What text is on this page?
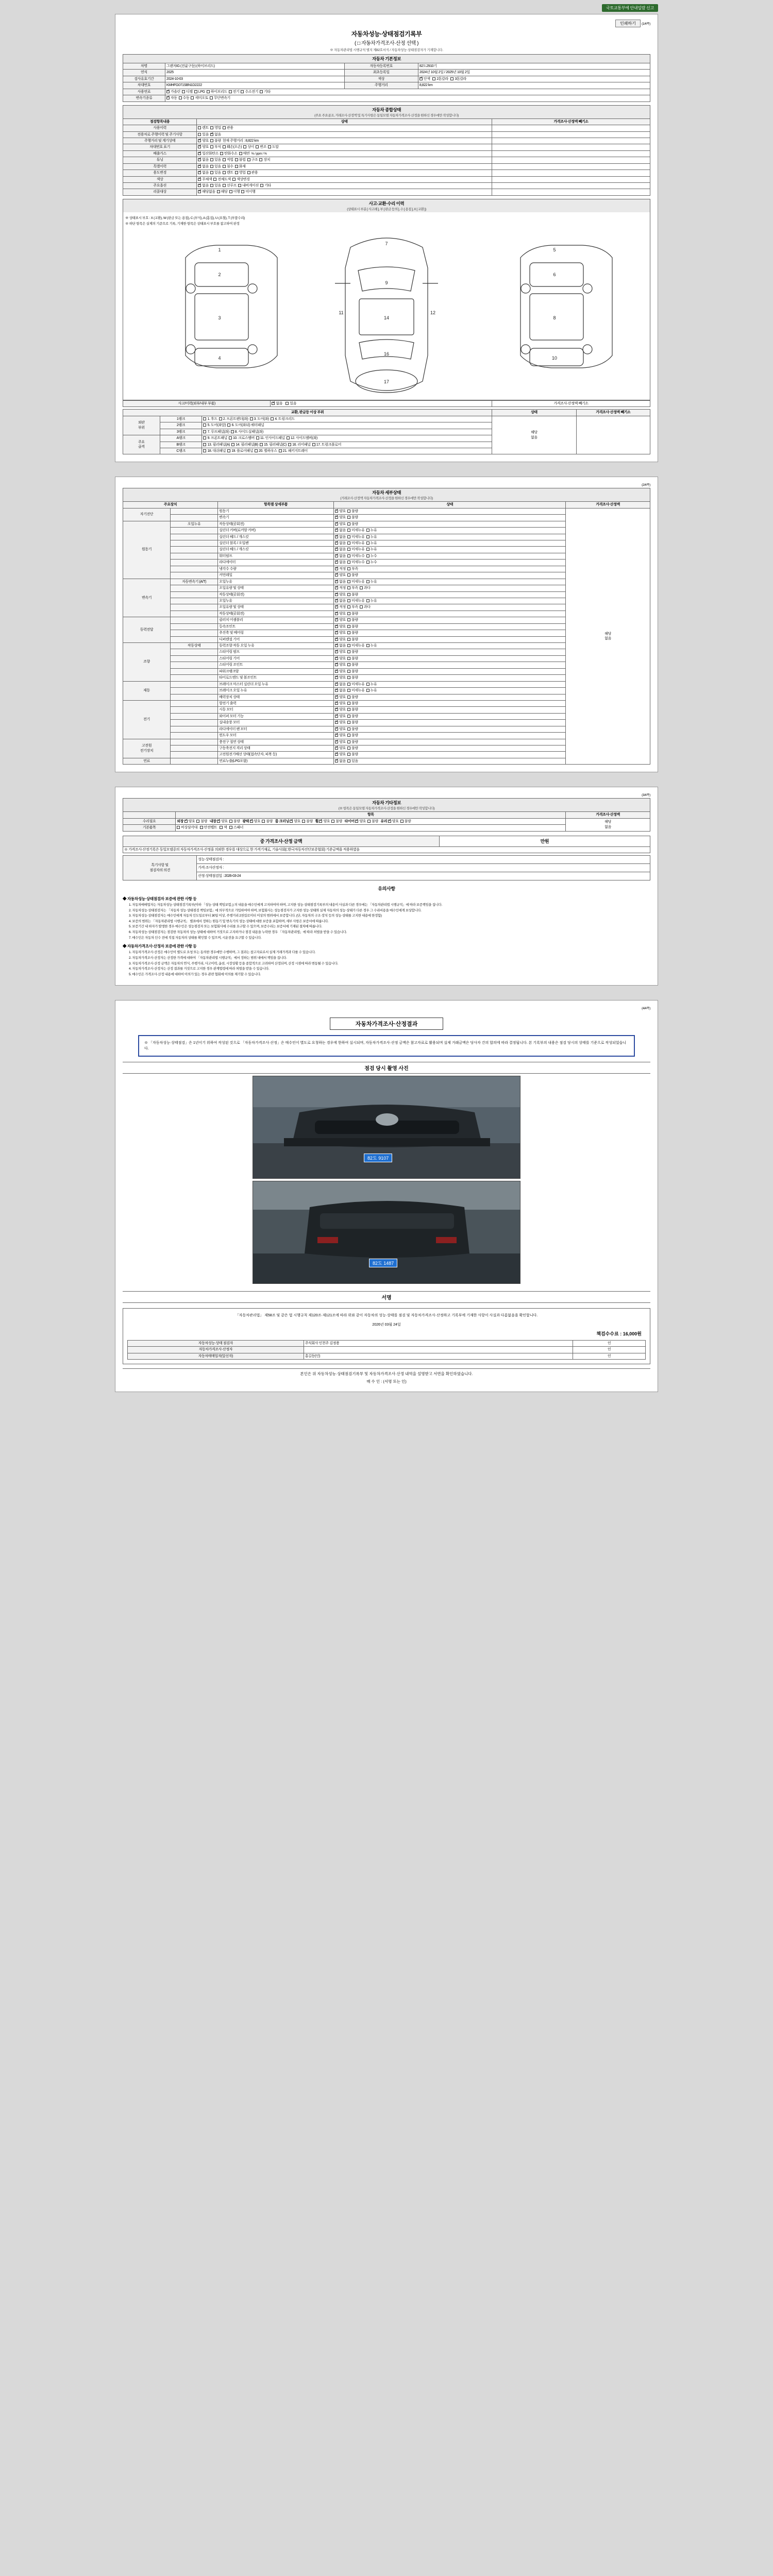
국토교통부에 안내일람 신고
인쇄하기 (1/4쪽)
자동차성능·상태점검기록부
( □ 자동차가격조사·산정 선택 )
※ 자동차관리법 시행규칙 별지 제82호서식 / 자동차성능·상태점검자가 기재합니다.
자동차 기본정보
차명	그랜저IG (전륜구동) (하이브리드)	자동차등록번호	82도2910기
연식	2025	최초등록일	2024년 10월 2일 / 2025년 10월 2일
검사유효기간	2024-10-03	색상	✓단색 2톤칼라 3톤칼라
차대번호	KMHFG071SBN1D2222	주행거리	8,822 km
사용연료	✓가솔린 디젤 LPG 하이브리드 전기 수소전기 기타
변속기종류	✓자동 수동 세미오토 무단변속기
자동차 종합상태
(주요 주요골조, 거래조사·산정액 및 특기사항은 동일모델 자동차가격조사·산정을 원하신 경우에만 작성합니다)
점검항목내용	상태	가격조사·산정액 빼기소
사용이력	렌트 영업 관용	
전용차로 주행이력 및 주기사항	있음 ✓ 없음	
주행거리 및 계기상태	✓양호 불량 현재 주행거리 : 8,822 km	
차대번호 표기	✓양호 부식 훼손(오손) 상이 변조 도말	
배출가스	✓일산화탄소 탄화수소 매연 % / ppm / %	
튜닝	✓없음 있음 적법 불법 구조 장치	
특별이력	✓없음 있음 침수 화재	
용도변경	✓없음 있음 렌트 영업 관용	
색상	✓무채색 전체도색 색상변경	
주요옵션	✓없음 있음 선루프 내비게이션 기타	
리콜대상	✓해당없음 해당 이행 미이행	
사고·교환·수리 이력
(상태표시 부분 [ 사고례 ], 부 [ 판금 등의 ], 수 [ 용접 ], X [ 교환 ])
※ 상태표시 부호 : X (교환), W (판금 또는 용접), C (부식), A (흠집), U (요철), T (부품수리)
※ 하단 항목은 실제의 기준으로 기록, 기재한 항목은 상태표시 부호를 참고하여 판정
1
2
3
4
7
9
14
16
11	12
5
6
8
10
17
사고/이력(외부/내부 부품)	✓없음 있음	가격조사·산정액 빼기소
교환, 판금등 이상 부위			상태	가격조사·산정액 빼기소
외판
부위	1랭크	1. 후드 2. 프론트펜더(좌) 3. 도어(좌) 4. 트렁크리드	해당
없음	
	2랭크	5. 도어(좌앞) 6. 도어(좌뒤) 쿼터패널		
	3랭크	7. 루프패널(좌) 8. 사이드실패널(좌)		
주요
골격	A랭크	9. 프론트패널 10. 크로스멤버 11. 인사이드패널 12. 사이드멤버(좌)		
	B랭크	13. 필러패널(A) 14. 필러패널(B) 15. 필러패널(C) 16. 리어패널 17. 트렁크플로어		
	C랭크	18. 대쉬패널 19. 플로어패널 20. 휠하우스 21. 패키지트레이		
(2/4쪽)
자동차 세부상태
(거래조사·산정액 자동차가격조사·산정을 원하신 경우에만 작성합니다)
주요장치		항목별 상세부품	상태	가격조사·산정액
자기진단		원동기	✓양호 불량	해당
없음
		변속기	✓양호 불량
원동기	오일누유	작동상태(공회전)	✓양호 불량
		실린더 커버(로커암 커버)	✓없음 미세누유 누유
		실린더 헤드 / 개스킷	✓없음 미세누유 누유
		실린더 블록 / 오일팬	✓없음 미세누유 누유
		실린더 헤드 / 개스킷	✓없음 미세누유 누유
		워터펌프	✓없음 미세누수 누수
		라디에이터	✓없음 미세누수 누수
		냉각수 수량	✓적정 부족
		커먼레일	✓양호 불량
변속기	자동변속기 (A/T)	오일누유	✓없음 미세누유 누유
		오일유량 및 상태	✓적정 부족 과다
		작동상태(공회전)	✓양호 불량
		오일누유	✓없음 미세누유 누유
		오일유량 및 상태	✓적정 부족 과다
		작동상태(공회전)	✓양호 불량
동력전달		클러치 어셈블리	✓양호 불량
		등속조인트	✓양호 불량
		추진축 및 베어링	✓양호 불량
		디퍼렌셜 기어	✓양호 불량
조향	작동상태	동력조향 작동 오일 누유	✓없음 미세누유 누유
		스티어링 펌프	✓양호 불량
		스티어링 기어	✓양호 불량
		스티어링 조인트	✓양호 불량
		파워크랭크암	✓양호 불량
		타이로드엔드 및 볼조인트	✓양호 불량
제동		브레이크 마스터 실린더 오일 누유	✓없음 미세누유 누유
		브레이크 오일 누유	✓없음 미세누유 누유
		배력장치 상태	✓양호 불량
전기		발전기 출력	✓양호 불량
		시동 모터	✓양호 불량
		와이퍼 모터 기능	✓양호 불량
		실내송풍 모터	✓양호 불량
		라디에이터 팬 모터	✓양호 불량
		윈도우 모터	✓양호 불량
고전원
전기장치		충전구 절연 상태	✓양호 불량
		구동축전지 격리 상태	✓양호 불량
		고전원전기배선 상태(접속단자, 피복 등)	✓양호 불량
연료		연료누출(LPG포함)	✓없음 있음
(3/4쪽)
자동차 기타정보
(※ 항목은 동일모델 자동차가격조사·산정을 원하신 경우에만 작성합니다)
	항목	가격조사·산정액
수리필요	외장 ✓ 양호 불량 내장 ✓ 양호 불량 광택 ✓ 양호 불량 룸 크리닝 ✓ 양호 불량 휠 ✓ 양호 불량 타이어 ✓ 양호 불량 유리 ✓ 양호 불량	해당
없음
기본품목	비상삼각대 안전벨트 잭 스패너	
중 가격조사·산정 금액	만원
※ 가격조사·산정기록은 동일모델중의 자동차가격조사·산정을 의뢰한 경우를 대상으로 한 가격기재로, 기술사회(□한국자동차진단보증협회) 기준금액을 적용하였음
특기사항 및
점검자의 의견	성능·상태점검자 :
가격·조사산정자 :
산정·상태점검일 : 2026-03-24
유의사항
◆ 자동차성능·상태점검자 보증에 관한 사항 등

1. 자동차매매업자는 자동차성능·상태점검기록부(이하 「성능·상태 책임보험」) 의 내용을 매수인에게 고지하여야 하며, 고지한 성능·상태점검기록부의 내용이 사실과 다른 경우에는 「자동차관리법 시행규칙」에 따라 보증책임을 집니다.

2. 자동차성능·상태점검자는 「자동차 성능·상태점검 책임보험」에 의무적으로 가입하여야 하며, 보험회사는 성능점검자가 고지한 성능·상태와 실제 자동차의 성능·상태가 다른 경우 그 수리비용을 매수인에게 보상합니다.

3. 자동차성능·상태점검자는 매수인에게 자동차 인도일로부터 30일 이상, 주행거리 2천킬로미터 이상의 범위에서 보증합니다. (단, 자동차의 구조·장치 등의 성능·상태를 고지한 내용에 한정함)

4. 보증의 범위는 「자동차관리법 시행규칙」 별표에서 정하는 원동기 및 변속기의 성능·상태에 대한 보증을 포함하며, 세부 사항은 보증서에 따릅니다.

5. 보증기간 내 하자가 발생한 경우 매수인은 성능점검자 또는 보험회사에 수리를 요구할 수 있으며, 보증수리는 보증서에 기재된 절차에 따릅니다.

6. 자동차성능·상태점검자는 점검한 자동차의 성능·상태에 대하여 거짓으로 고지하거나 점검 내용을 누락한 경우 「자동차관리법」에 따라 처벌을 받을 수 있습니다.

7. 매수인은 자동차 인수 전에 직접 자동차의 상태를 확인할 수 있으며, 시운전을 요구할 수 있습니다.

◆ 자동차가격조사·산정자 보증에 관한 사항 등

1. 자동차가격조사·산정은 매수인이 별도로 요청 또는 동의한 경우에만 수행하며, 그 결과는 참고자료로서 실제 거래가격과 다를 수 있습니다.

2. 자동차가격조사·산정자는 산정한 가격에 대하여 「자동차관리법 시행규칙」에서 정하는 범위 내에서 책임을 집니다.

3. 자동차가격조사·산정 금액은 자동차의 연식, 주행거리, 사고이력, 옵션, 시장상황 등을 종합적으로 고려하여 산정되며, 산정 시점에 따라 변동될 수 있습니다.

4. 자동차가격조사·산정자는 산정 결과를 거짓으로 고지한 경우 관계법령에 따라 처벌을 받을 수 있습니다.

5. 매수인은 가격조사·산정 내용에 대하여 이의가 있는 경우 관련 협회에 이의를 제기할 수 있습니다.

(4/4쪽)
자동차가격조사·산정결과
※ 「자동차성능·상태점검」은 1년이기 위하여 작성된 것으로 「자동차가격조사·산정」은 매수인이 별도로 요청하는 경우에 한하여 실시되며, 자동차가격조사·산정 금액은 참고자료로 활용되며 실제 거래금액은 당사자 간의 합의에 따라 결정됩니다. 본 기록부의 내용은 점검 당시의 상태를 기준으로 작성되었습니다.
점검 당시 촬영 사진
82도 9107
82도 1487
서명
「자동차관리법」 제58조 및 같은 법 시행규칙 제120조·제121조에 따라 위와 같이 자동차의 성능·상태를 점검 및 자동차가격조사·산정하고 기록부에 기재한 사항이 사실과 다름없음을 확인합니다.
2026년 03월 24일
책검수수료 : 16,000원
자동차성능·상태 점검자	주식회사 인천주 김정용	인
자동차가격조사·산정자		인
자동차매매업자(알선자)	홍길동(인)	인
본인은 위 자동차성능·상태점검기록부 및 자동차가격조사·산정 내역을 설명받고 서면을 확인하였습니다.
매 수 인 : (서명 또는 인)
